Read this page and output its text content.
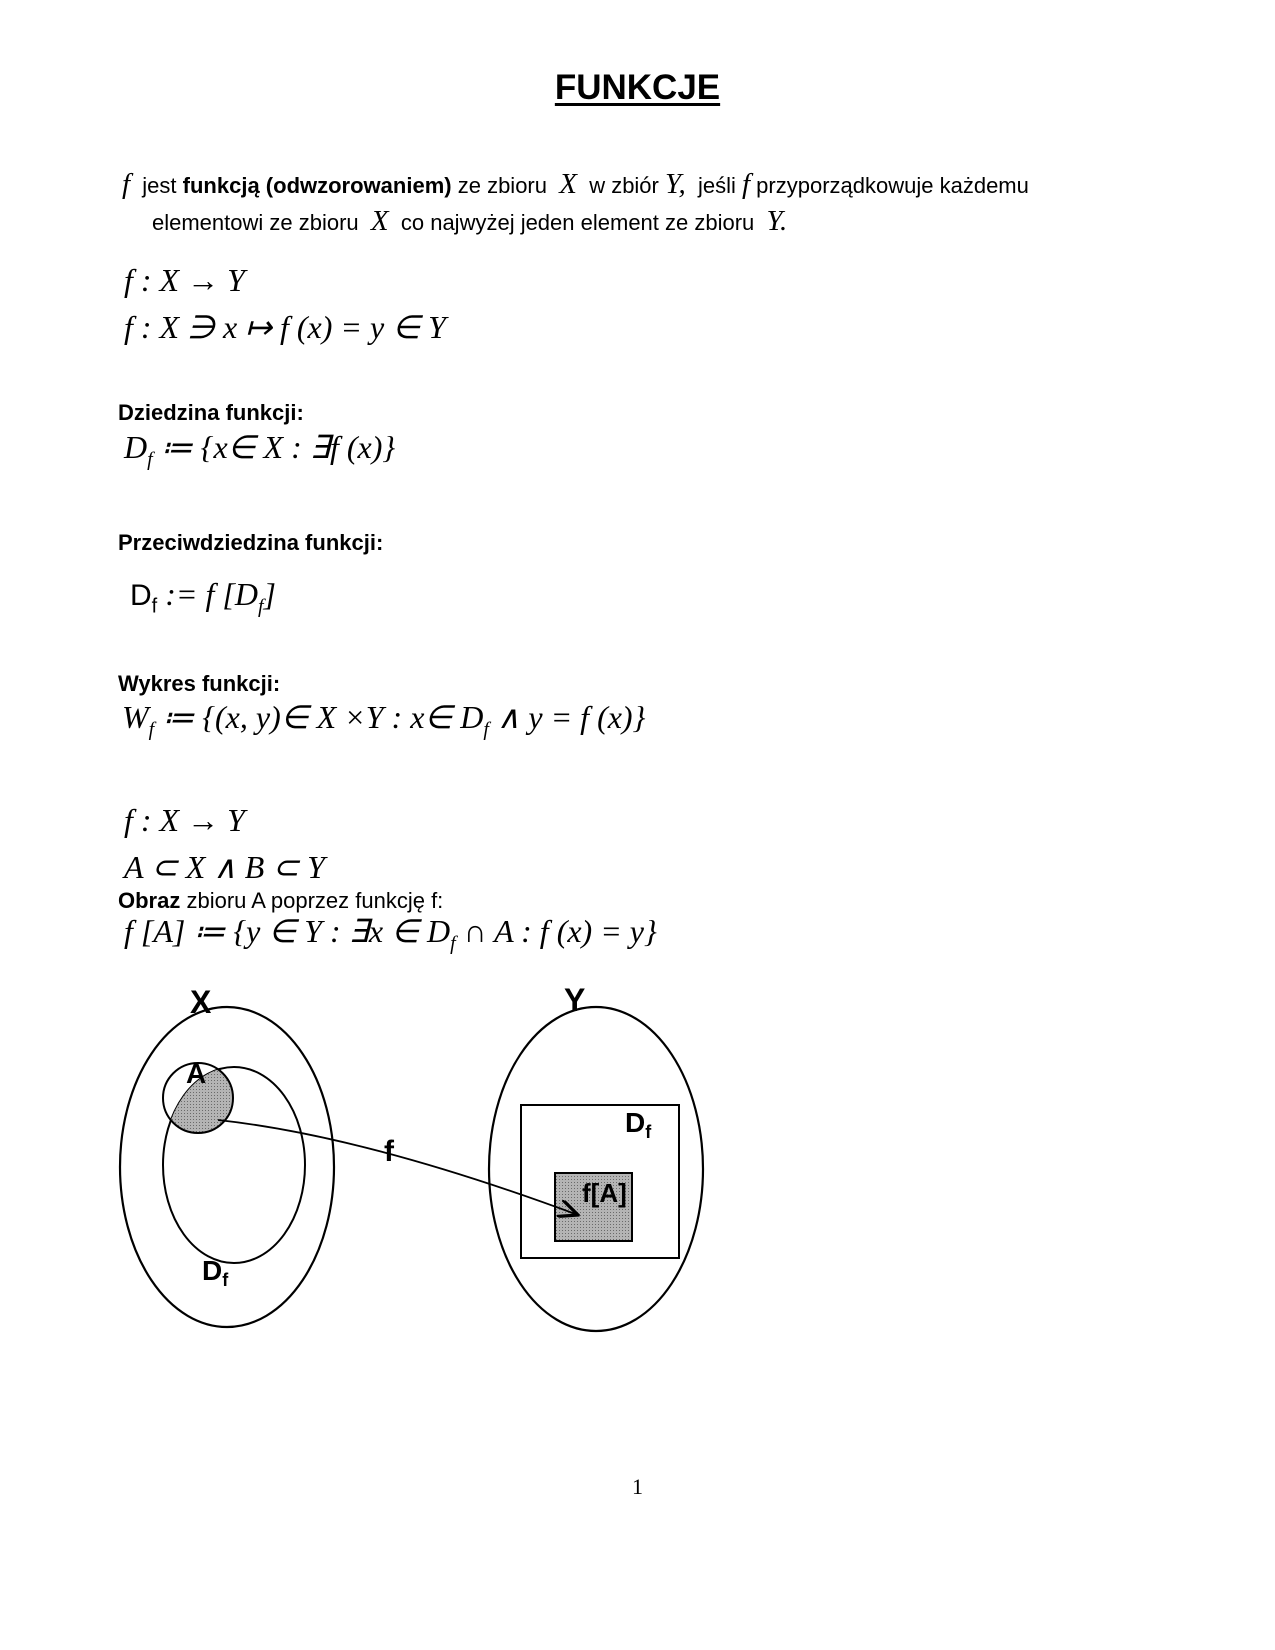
FUNKCJE
f jest funkcją (odwzorowaniem) ze zbioru X w zbiór Y, jeśli f przyporządkowuje każdemu
elementowi ze zbioru X co najwyżej jeden element ze zbioru Y.
f : X → Y
f : X ∋ x ↦ f (x) = y ∈ Y
Dziedzina funkcji:
$D_f$ ≔ {x∈ X : ∃f (x)}
Przeciwdziedzina funkcji:
$D_f$ := f $[D_f]$
Wykres funkcji:
$W_f$ ≔ {(x, y)∈ X ×Y : x∈ $D_f$ ∧ y = f (x)}
f : X → Y
A ⊂ X ∧ B ⊂ Y
Obraz zbioru A poprzez funkcję f:
f [A] ≔ {y ∈ Y : ∃x ∈ $D_f$ ∩ A : f (x) = y}
X	Y
A
$D_f$
f
$D_f$
f[A]
1
